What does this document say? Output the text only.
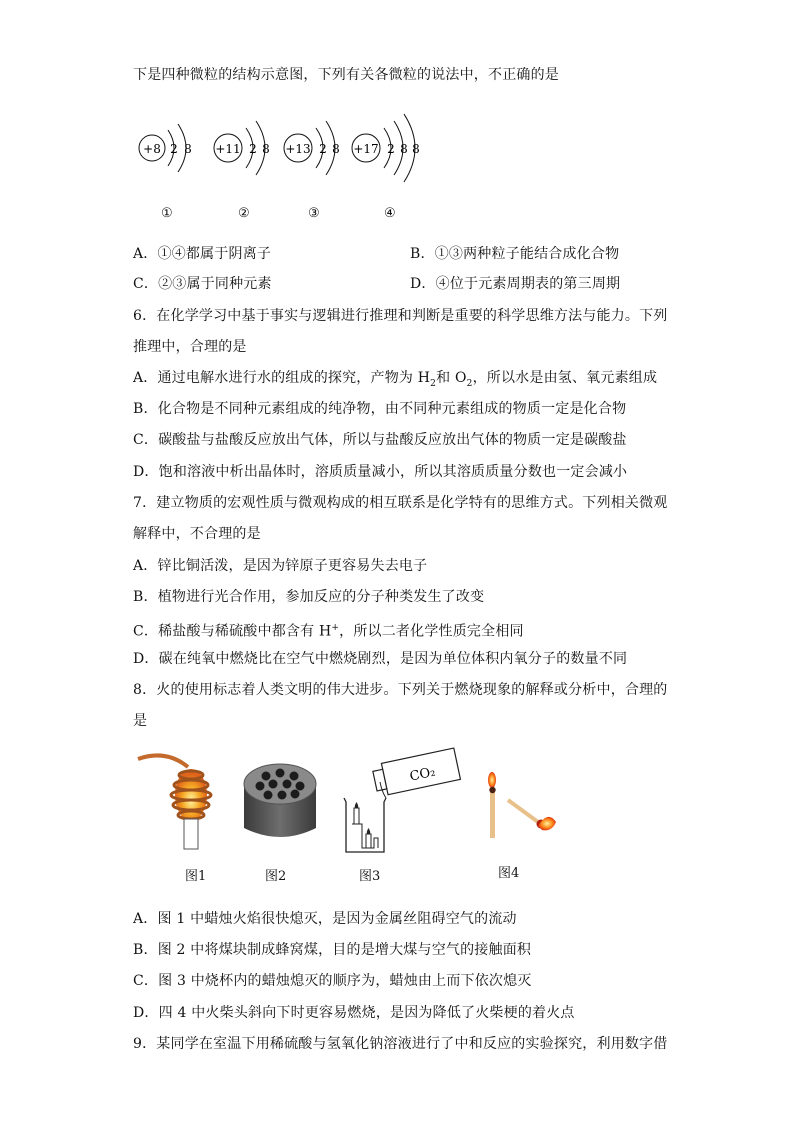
下是四种微粒的结构示意图，下列有关各微粒的说法中，不正确的是
+8 2 8 +11 2 8 +13 2 8 +17 2 8 8
①	②	③	④
A．①④都属于阴离子	B．①③两种粒子能结合成化合物
C．②③属于同种元素	D．④位于元素周期表的第三周期
6．在化学学习中基于事实与逻辑进行推理和判断是重要的科学思维方法与能力。下列
推理中，合理的是
A．通过电解水进行水的组成的探究，产物为 $H_2$和 $O_2$，所以水是由氢、氧元素组成
B．化合物是不同种元素组成的纯净物，由不同种元素组成的物质一定是化合物
C．碳酸盐与盐酸反应放出气体，所以与盐酸反应放出气体的物质一定是碳酸盐
D．饱和溶液中析出晶体时，溶质质量减小，所以其溶质质量分数也一定会减小
7．建立物质的宏观性质与微观构成的相互联系是化学特有的思维方式。下列相关微观
解释中，不合理的是
A．锌比铜活泼，是因为锌原子更容易失去电子
B．植物进行光合作用，参加反应的分子种类发生了改变
C．稀盐酸与稀硫酸中都含有 H+，所以二者化学性质完全相同
D．碳在纯氧中燃烧比在空气中燃烧剧烈，是因为单位体积内氧分子的数量不同
8．火的使用标志着人类文明的伟大进步。下列关于燃烧现象的解释或分析中，合理的
是
CO₂
图1	图2	图3	图4
A．图 1 中蜡烛火焰很快熄灭，是因为金属丝阻碍空气的流动
B．图 2 中将煤块制成蜂窝煤，目的是增大煤与空气的接触面积
C．图 3 中烧杯内的蜡烛熄灭的顺序为，蜡烛由上而下依次熄灭
D．四 4 中火柴头斜向下时更容易燃烧，是因为降低了火柴梗的着火点
9．某同学在室温下用稀硫酸与氢氧化钠溶液进行了中和反应的实验探究，利用数字借
